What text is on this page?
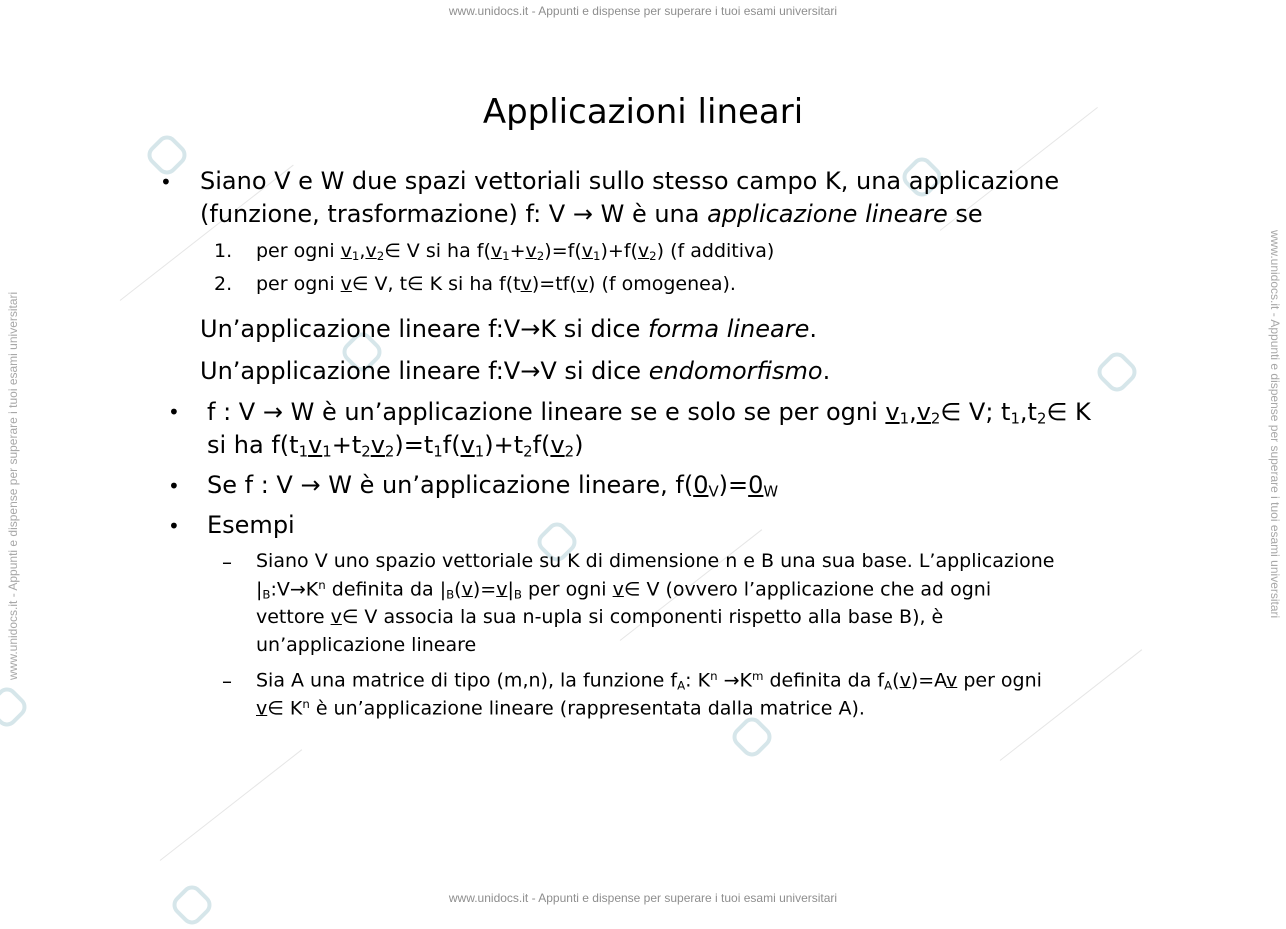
www.unidocs.it - Appunti e dispense per superare i tuoi esami universitari
www.unidocs.it - Appunti e dispense per superare i tuoi esami universitari
www.unidocs.it - Appunti e dispense per superare i tuoi esami universitari	www.unidocs.it - Appunti e dispense per superare i tuoi esami universitari
Applicazioni lineari
• Siano V e W due spazi vettoriali sullo stesso campo K, una applicazione
(funzione, trasformazione) f: V → W è una applicazione lineare se
1. per ogni $v_1,v_2\in$ V si ha $f(v_1+v_2)=f(v_1)+f(v_2)$ (f additiva)
2. per ogni v∈ V, t∈ K si ha f(tv)=tf(v) (f omogenea).
Un’applicazione lineare f:V→K si dice forma lineare.
Un’applicazione lineare f:V→V si dice endomorfismo.
• f : V → W è un’applicazione lineare se e solo se per ogni $v_1,v_2\in$ V; $t_1,t_2\in$ K
si ha $f(t_1v_1+t_2v_2)=t_1f(v_1)+t_2f(v_2)$
• Se f : V → W è un’applicazione lineare, $f(0_V)=0_W$
• Esempi
– Siano V uno spazio vettoriale su K di dimensione n e B una sua base. L’applicazione
$|_B:V\to K^n$ definita da $|_B(v)=v|_B$ per ogni v∈ V (ovvero l’applicazione che ad ogni
vettore v∈ V associa la sua n-upla si componenti rispetto alla base B), è
un’applicazione lineare
– Sia A una matrice di tipo (m,n), la funzione $f_A$: $K^n \to K^m$ definita da $f_A(v)=Av$ per ogni
v∈ $K^n$ è un’applicazione lineare (rappresentata dalla matrice A).
